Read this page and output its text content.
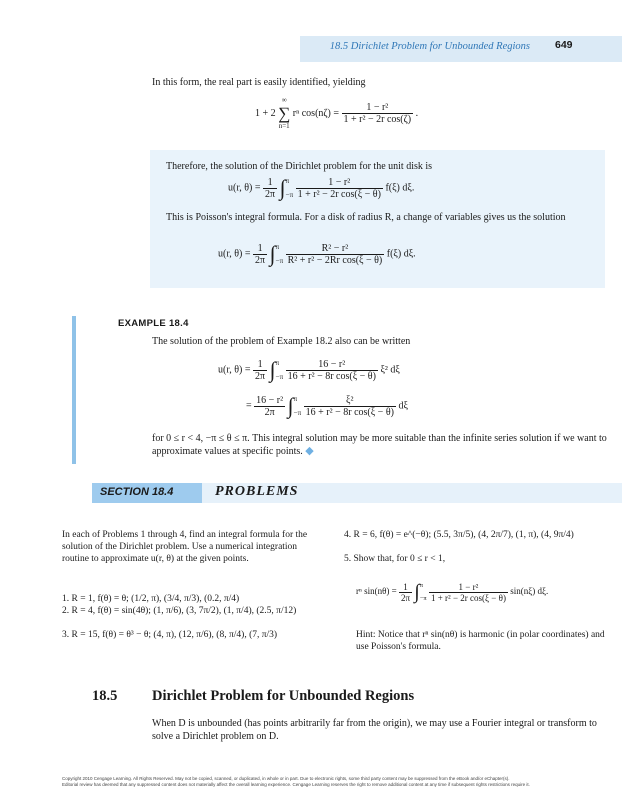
18.5 Dirichlet Problem for Unbounded Regions 649
In this form, the real part is easily identified, yielding
1 + 2
∞
∑
n=1
rⁿ $\cos(n\zeta) = \frac{\text{1 − r²}}{\text{1 + r² − 2r cos(ζ)}}$ .
Therefore, the solution of the Dirichlet problem for the unit disk is
u(r, $\theta) = \frac{1}{2\pi}$ ∫ π
−π
$\frac{\text{1 − r²}}{\text{1 + r² − 2r cos(ξ − θ)}} f(\xi)$ dξ.
This is Poisson's integral formula. For a disk of radius R, a change of variables gives us the solution
u(r, $\theta) = \frac{1}{2\pi}$ ∫ π
−π
$\frac{\text{R² − r²}}{\text{R² + r² − 2Rr cos(ξ − θ)}} f(\xi)$ dξ.
EXAMPLE 18.4
The solution of the problem of Example 18.2 also can be written
u(r, $\theta) = \frac{1}{2\pi}$ ∫ π
−π
$\frac{\text{16 − r²}}{\text{16 + r² − 8r cos(ξ − θ)}} \xi^2$ dξ
= $\frac{\text{16 − r²}}{2\pi}$ ∫ π
−π
$\frac{\text{ξ²}}{\text{16 + r² − 8r cos(ξ − θ)}}$ dξ
for 0 ≤ r < 4, −π ≤ θ ≤ π. This integral solution may be more suitable than the infinite series solution if we want to approximate values at specific points. ◆
SECTION 18.4	PROBLEMS
In each of Problems 1 through 4, find an integral formula for the solution of the Dirichlet problem. Use a numerical integration routine to approximate u(r, θ) at the given points.
1. R = 1, f(θ) = θ; (1/2, π), (3/4, π/3), (0.2, π/4)
2. R = 4, f(θ) = sin(4θ); (1, π/6), (3, 7π/2), (1, π/4), (2.5, π/12)
3. R = 15, f(θ) = θ³ − θ; (4, π), (12, π/6), (8, π/4), (7, π/3)
4. R = 6, f(θ) = e^(−θ); (5.5, 3π/5), (4, 2π/7), (1, π), (4, 9π/4)
5. Show that, for 0 ≤ r < 1,
rⁿ $\sin(n\theta) = \frac{1}{2\pi}$ ∫ π
−π
$\frac{\text{1 − r²}}{\text{1 + r² − 2r cos(ξ − θ)}} \sin(n\xi)$ dξ.
Hint: Notice that rⁿ sin(nθ) is harmonic (in polar coordinates) and use Poisson's formula.
18.5 Dirichlet Problem for Unbounded Regions
When D is unbounded (has points arbitrarily far from the origin), we may use a Fourier integral or transform to solve a Dirichlet problem on D.
Copyright 2010 Cengage Learning. All Rights Reserved. May not be copied, scanned, or duplicated, in whole or in part. Due to electronic rights, some third party content may be suppressed from the eBook and/or eChapter(s).
Editorial review has deemed that any suppressed content does not materially affect the overall learning experience. Cengage Learning reserves the right to remove additional content at any time if subsequent rights restrictions require it.
